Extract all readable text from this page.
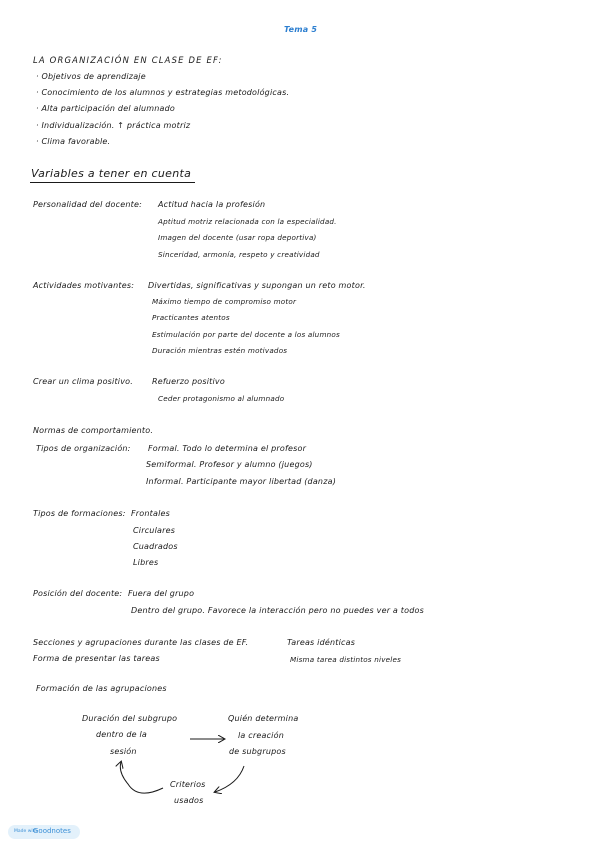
Tema 5
LA ORGANIZACIÓN EN CLASE DE EF:
· Objetivos de aprendizaje
· Conocimiento de los alumnos y estrategias metodológicas.
· Alta participación del alumnado
· Individualización. ↑ práctica motriz
· Clima favorable.
Variables a tener en cuenta
Personalidad del docente: Actitud hacia la profesión
Aptitud motriz relacionada con la especialidad.
Imagen del docente (usar ropa deportiva)
Sinceridad, armonía, respeto y creatividad
Actividades motivantes: Divertidas, significativas y supongan un reto motor.
Máximo tiempo de compromiso motor
Practicantes atentos
Estimulación por parte del docente a los alumnos
Duración mientras estén motivados
Crear un clima positivo. Refuerzo positivo
Ceder protagonismo al alumnado
Normas de comportamiento.
Tipos de organización: Formal. Todo lo determina el profesor
Semiformal. Profesor y alumno (juegos)
Informal. Participante mayor libertad (danza)
Tipos de formaciones: Frontales
Circulares
Cuadrados
Libres
Posición del docente: Fuera del grupo
Dentro del grupo. Favorece la interacción pero no puedes ver a todos
Secciones y agrupaciones durante las clases de EF.	Tareas idénticas
Forma de presentar las tareas	Misma tarea distintos niveles
Formación de las agrupaciones
Duración del subgrupo
dentro de la
sesión
Quién determina
la creación
de subgrupos
Criterios
usados
Made with
Goodnotes
